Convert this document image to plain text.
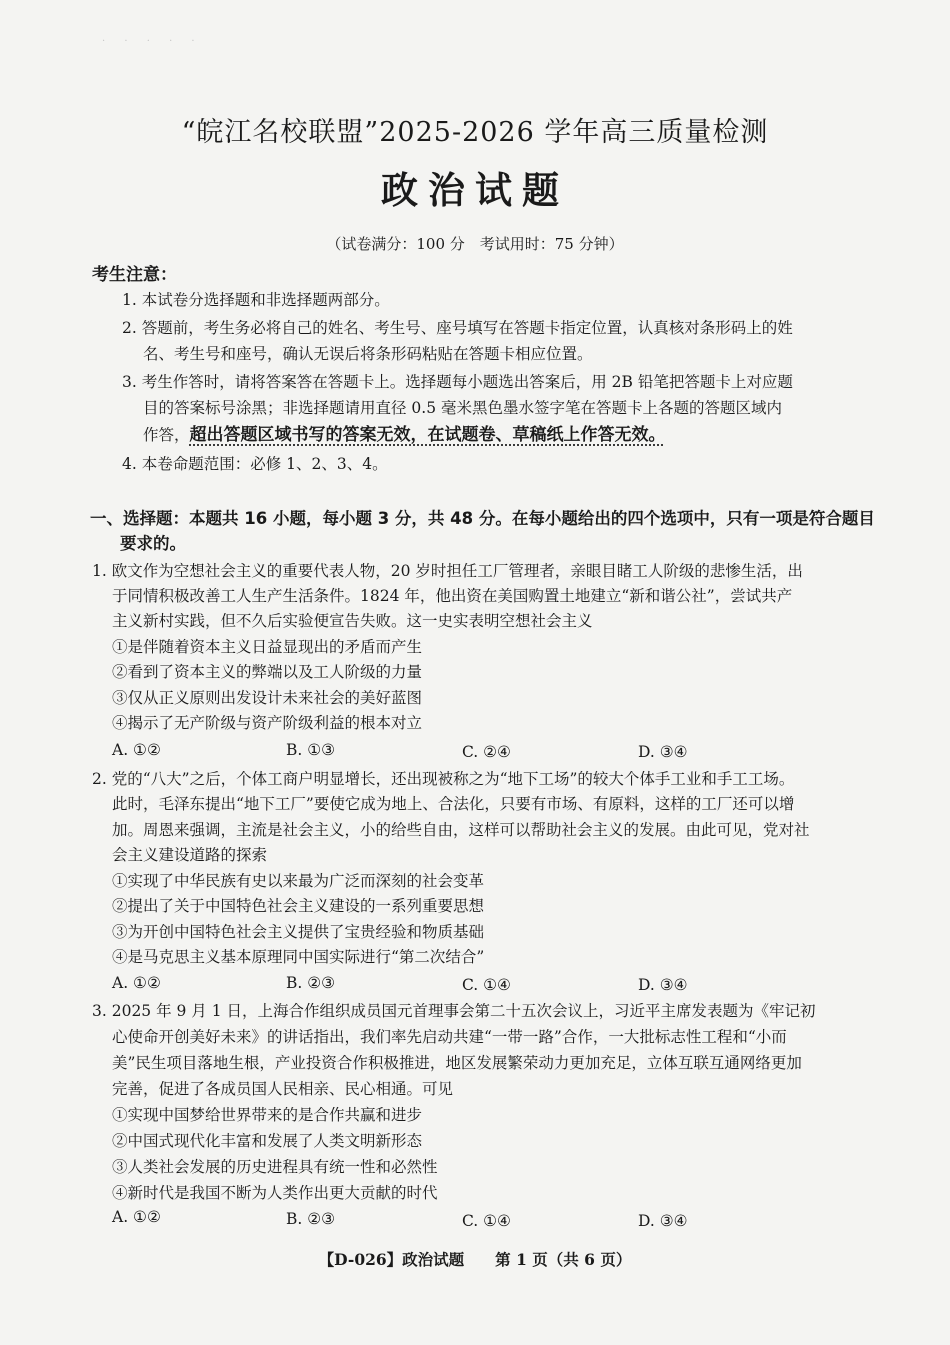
· · · · ·
“皖江名校联盟”2025-2026 学年高三质量检测
政治试题
（试卷满分：100 分　考试用时：75 分钟）
考生注意：
1. 本试卷分选择题和非选择题两部分。
2. 答题前，考生务必将自己的姓名、考生号、座号填写在答题卡指定位置，认真核对条形码上的姓
名、考生号和座号，确认无误后将条形码粘贴在答题卡相应位置。
3. 考生作答时，请将答案答在答题卡上。选择题每小题选出答案后，用 2B 铅笔把答题卡上对应题
目的答案标号涂黑；非选择题请用直径 0.5 毫米黑色墨水签字笔在答题卡上各题的答题区域内
作答，超出答题区域书写的答案无效，在试题卷、草稿纸上作答无效。
4. 本卷命题范围：必修 1、2、3、4。
一、选择题：本题共 16 小题，每小题 3 分，共 48 分。在每小题给出的四个选项中，只有一项是符合题目
要求的。
1. 欧文作为空想社会主义的重要代表人物，20 岁时担任工厂管理者，亲眼目睹工人阶级的悲惨生活，出
于同情积极改善工人生产生活条件。1824 年，他出资在美国购置土地建立“新和谐公社”，尝试共产
主义新村实践，但不久后实验便宣告失败。这一史实表明空想社会主义
①是伴随着资本主义日益显现出的矛盾而产生
②看到了资本主义的弊端以及工人阶级的力量
③仅从正义原则出发设计未来社会的美好蓝图
④揭示了无产阶级与资产阶级利益的根本对立
A. ①②	B. ①③	C. ②④	D. ③④
2. 党的“八大”之后，个体工商户明显增长，还出现被称之为“地下工场”的较大个体手工业和手工工场。
此时，毛泽东提出“地下工厂”要使它成为地上、合法化，只要有市场、有原料，这样的工厂还可以增
加。周恩来强调，主流是社会主义，小的给些自由，这样可以帮助社会主义的发展。由此可见，党对社
会主义建设道路的探索
①实现了中华民族有史以来最为广泛而深刻的社会变革
②提出了关于中国特色社会主义建设的一系列重要思想
③为开创中国特色社会主义提供了宝贵经验和物质基础
④是马克思主义基本原理同中国实际进行“第二次结合”
A. ①②	B. ②③	C. ①④	D. ③④
3. 2025 年 9 月 1 日，上海合作组织成员国元首理事会第二十五次会议上，习近平主席发表题为《牢记初
心使命开创美好未来》的讲话指出，我们率先启动共建“一带一路”合作，一大批标志性工程和“小而
美”民生项目落地生根，产业投资合作积极推进，地区发展繁荣动力更加充足，立体互联互通网络更加
完善，促进了各成员国人民相亲、民心相通。可见
①实现中国梦给世界带来的是合作共赢和进步
②中国式现代化丰富和发展了人类文明新形态
③人类社会发展的历史进程具有统一性和必然性
④新时代是我国不断为人类作出更大贡献的时代
A. ①②	B. ②③	C. ①④	D. ③④
【D-026】政治试题　　第 1 页（共 6 页）
